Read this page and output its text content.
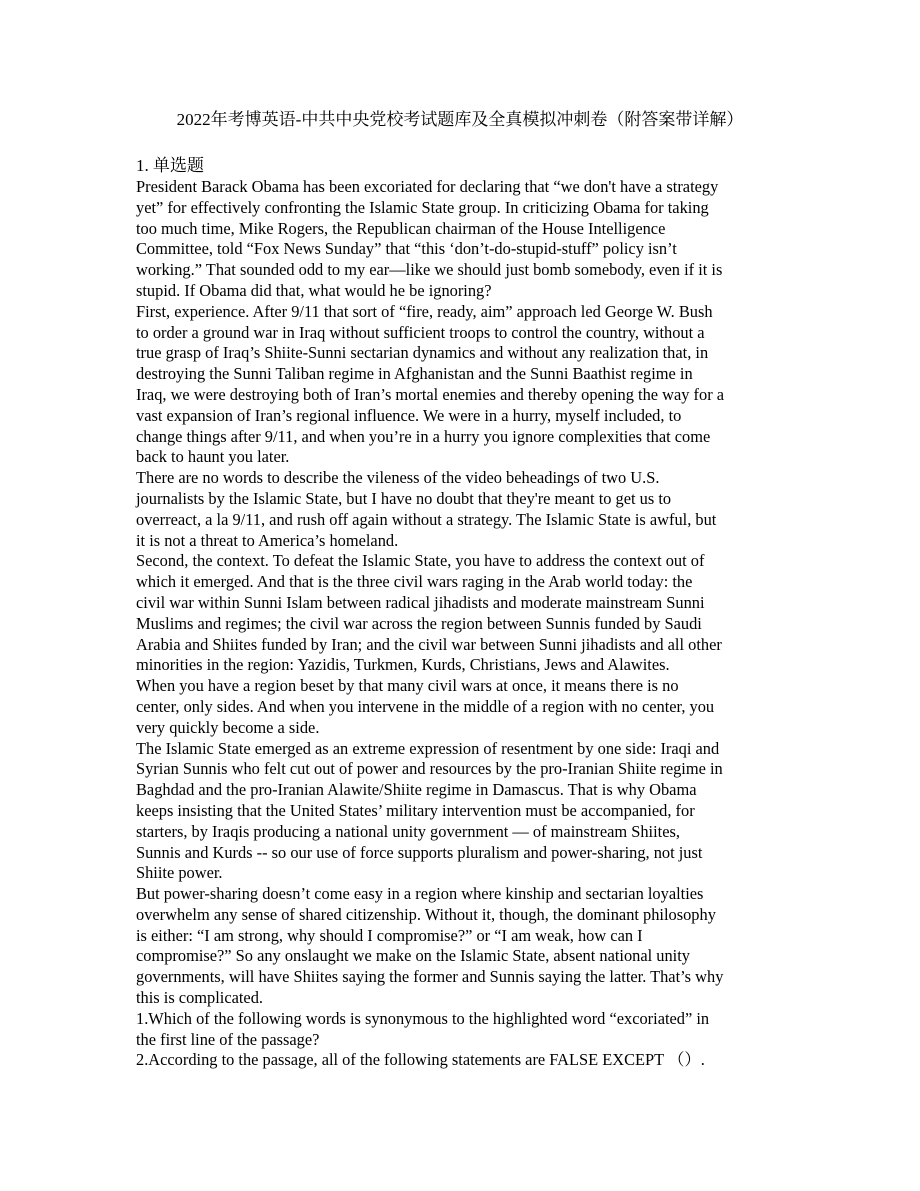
2022年考博英语-中共中央党校考试题库及全真模拟冲刺卷（附答案带详解）
1. 单选题
President Barack Obama has been excoriated for declaring that “we don't have a strategy
yet” for effectively confronting the Islamic State group. In criticizing Obama for taking
too much time, Mike Rogers, the Republican chairman of the House Intelligence
Committee, told “Fox News Sunday” that “this ‘don’t-do-stupid-stuff” policy isn’t
working.” That sounded odd to my ear—like we should just bomb somebody, even if it is
stupid. If Obama did that, what would he be ignoring?
First, experience. After 9/11 that sort of “fire, ready, aim” approach led George W. Bush
to order a ground war in Iraq without sufficient troops to control the country, without a
true grasp of Iraq’s Shiite-Sunni sectarian dynamics and without any realization that, in
destroying the Sunni Taliban regime in Afghanistan and the Sunni Baathist regime in
Iraq, we were destroying both of Iran’s mortal enemies and thereby opening the way for a
vast expansion of Iran’s regional influence. We were in a hurry, myself included, to
change things after 9/11, and when you’re in a hurry you ignore complexities that come
back to haunt you later.
There are no words to describe the vileness of the video beheadings of two U.S.
journalists by the Islamic State, but I have no doubt that they're meant to get us to
overreact, a la 9/11, and rush off again without a strategy. The Islamic State is awful, but
it is not a threat to America’s homeland.
Second, the context. To defeat the Islamic State, you have to address the context out of
which it emerged. And that is the three civil wars raging in the Arab world today: the
civil war within Sunni Islam between radical jihadists and moderate mainstream Sunni
Muslims and regimes; the civil war across the region between Sunnis funded by Saudi
Arabia and Shiites funded by Iran; and the civil war between Sunni jihadists and all other
minorities in the region: Yazidis, Turkmen, Kurds, Christians, Jews and Alawites.
When you have a region beset by that many civil wars at once, it means there is no
center, only sides. And when you intervene in the middle of a region with no center, you
very quickly become a side.
The Islamic State emerged as an extreme expression of resentment by one side: Iraqi and
Syrian Sunnis who felt cut out of power and resources by the pro-Iranian Shiite regime in
Baghdad and the pro-Iranian Alawite/Shiite regime in Damascus. That is why Obama
keeps insisting that the United States’ military intervention must be accompanied, for
starters, by Iraqis producing a national unity government — of mainstream Shiites,
Sunnis and Kurds -- so our use of force supports pluralism and power-sharing, not just
Shiite power.
But power-sharing doesn’t come easy in a region where kinship and sectarian loyalties
overwhelm any sense of shared citizenship. Without it, though, the dominant philosophy
is either: “I am strong, why should I compromise?” or “I am weak, how can I
compromise?” So any onslaught we make on the Islamic State, absent national unity
governments, will have Shiites saying the former and Sunnis saying the latter. That’s why
this is complicated.
1.Which of the following words is synonymous to the highlighted word “excoriated” in
the first line of the passage?
2.According to the passage, all of the following statements are FALSE EXCEPT （）.
